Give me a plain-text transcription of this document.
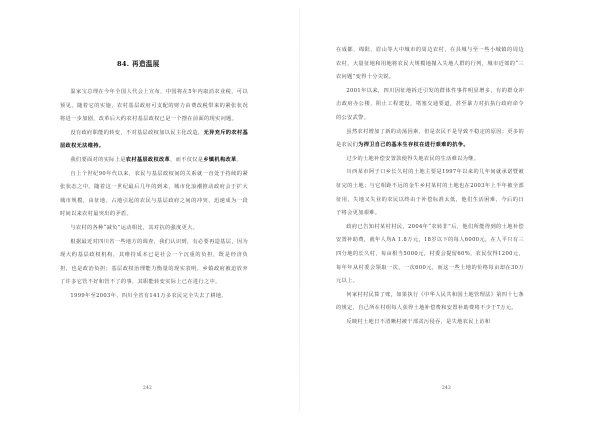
84. 再造温展

温家宝总理在今年全国人代会上宣布，中国将在5年内取消农业税，可以预见，随着它的实施，农村基层政府可支配的财力由费改税带来的紧张状况将进一步加剧，改革后大约农村基层政权已是一个摆在前面的现实问题。

没有政府职能的转变，不对基层政权加以民主化改造，无异充斥的农村基层政权无法维持。

我们要面对的实际上是农村基层政权改革，而不仅仅是乡镇机构改革。

自上个世纪90年代以来，农民与基层政权间的关系就一直处于持续的紧张状态之中。随着这一世纪最后几年的到来，城市化浪潮推动政府会于扩大城市规模，由征地、占地引起的农民与基层政府之间的冲突，迅速成为一段时间以来农村最突出的矛盾。

与农村的各种“减负”运动相比，其对抗的强度更大。

根据最近对四川省一些地方的调查，我们认识到，有必要再造基层，因为现大约基层政权机构，其维持成本已是社会一个沉重的负担，既是经济负担，也是政治负担；基层政权治理能力衡量的现实表明，乡镇政府被迫放弃了许多它管不好和管不了的事，其职能转变实际上已在进行之中。

1999年至2003年，四川全省有141万多农民完全失去了耕地，

242

在成都、绵阳、眉山等大中城市的周边农村，在县城与至一些小城镇的周边农村，大量征地和用地将农民大规模地抛入失地人群的行列，城市近郊的“三农问题”变得十分尖锐。

2001年以来，四川因征地拆迁引发的群体性事件明显增多，有的群众冲击政府办公楼，阻止工程建设，堵塞交通要道，甚至暴力对抗执行政府命令的公安武警。

虽然农村增加了新的动荡因素，但是农民不是导致不稳定的原因；更多的是农民们为捍卫自己的基本生存权在进行艰难的抗争。

过少的土地补偿安置款使得失地农民的生活难以为继。

川西某市阿子口乡长久村的土地主要是1997年以来的几年间就承诺暨被征完的土地；与它相距不远的金牛乡村某村的土地也在2003年上半年被全部征用，失地又失业的农民以终由于补偿标准太低，他们生活困难，今后的日子将会更加艰难。

政府已告知村某村村民，2004年“农转非”后，他们所能得到的土地补偿安置补助费，就年人均A 1.8万元，18岁以下的每人6000元，在人平只有三四分地的长久村，每亩相当5000元，村委会提留60%，农民仅得1200元，每年年从村委会领取一次，一次600元，而这一些土地的价格每亩却在30万元以上。

何家村村民算了账，如果执行《中华人民共和国土地管理法》第四十七条的规定，自己所在村组每人获得土地补偿费和安置补助费将不少于7万元。

反映村土地日不清晰村被干部贪污侵吞，是失地农民上访和

243
